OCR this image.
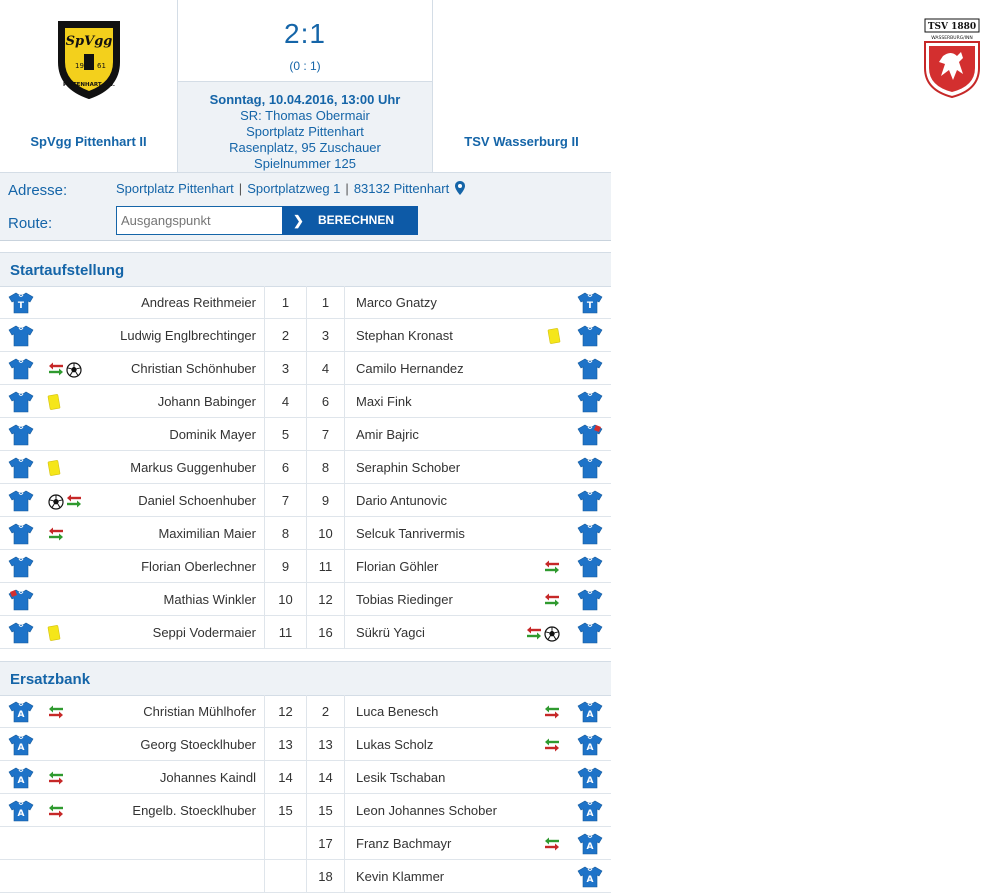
SpVgg
19 61
PITTENHART e.V.
SpVgg Pittenhart II
2:1
(0 : 1)
Sonntag, 10.04.2016, 13:00 Uhr
SR: Thomas Obermair
Sportplatz Pittenhart
Rasenplatz, 95 Zuschauer
Spielnummer 125
TSV 1880
WASSERBURG/INN
TSV Wasserburg II
Adresse:	Sportplatz Pittenhart | Sportplatzweg 1 | 83132 Pittenhart
Route:
Ausgangspunkt	❯ BERECHNEN
Startaufstellung
T	Andreas Reithmeier	1	1	Marco Gnatzy	T
Ludwig Englbrechtinger	2	3	Stephan Kronast
Christian Schönhuber	3	4	Camilo Hernandez
Johann Babinger	4	6	Maxi Fink
Dominik Mayer	5	7	Amir Bajric
Markus Guggenhuber	6	8	Seraphin Schober
Daniel Schoenhuber	7	9	Dario Antunovic
Maximilian Maier	8	10	Selcuk Tanrivermis
Florian Oberlechner	9	11	Florian Göhler
Mathias Winkler	10	12	Tobias Riedinger
Seppi Vodermaier	11	16	Sükrü Yagci
Ersatzbank
A	Christian Mühlhofer	12	2	Luca Benesch	A
A	Georg Stoecklhuber	13	13	Lukas Scholz	A
A	Johannes Kaindl	14	14	Lesik Tschaban	A
A	Engelb. Stoecklhuber	15	15	Leon Johannes Schober	A
17	Franz Bachmayr	A
18	Kevin Klammer	A
